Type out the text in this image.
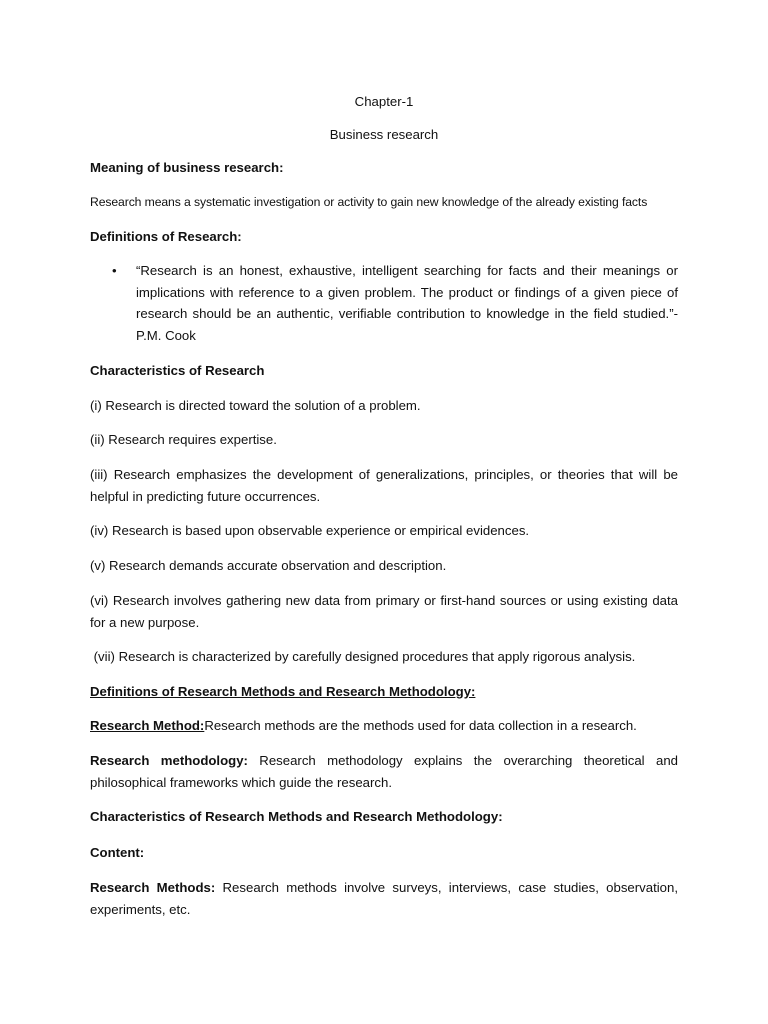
Chapter-1

Business research

Meaning of business research:

Research means a systematic investigation or activity to gain new knowledge of the already existing facts

Definitions of Research:

• “Research is an honest, exhaustive, intelligent searching for facts and their meanings or implications with reference to a given problem. The product or findings of a given piece of research should be an authentic, verifiable contribution to knowledge in the field studied.”- P.M. Cook

Characteristics of Research

(i) Research is directed toward the solution of a problem.

(ii) Research requires expertise.

(iii) Research emphasizes the development of generalizations, principles, or theories that will be helpful in predicting future occurrences.

(iv) Research is based upon observable experience or empirical evidences.

(v) Research demands accurate observation and description.

(vi) Research involves gathering new data from primary or first-hand sources or using existing data for a new purpose.

(vii) Research is characterized by carefully designed procedures that apply rigorous analysis.

Definitions of Research Methods and Research Methodology:

Research Method:Research methods are the methods used for data collection in a research.

Research methodology: Research methodology explains the overarching theoretical and philosophical frameworks which guide the research.

Characteristics of Research Methods and Research Methodology:

Content:

Research Methods: Research methods involve surveys, interviews, case studies, observation, experiments, etc.
